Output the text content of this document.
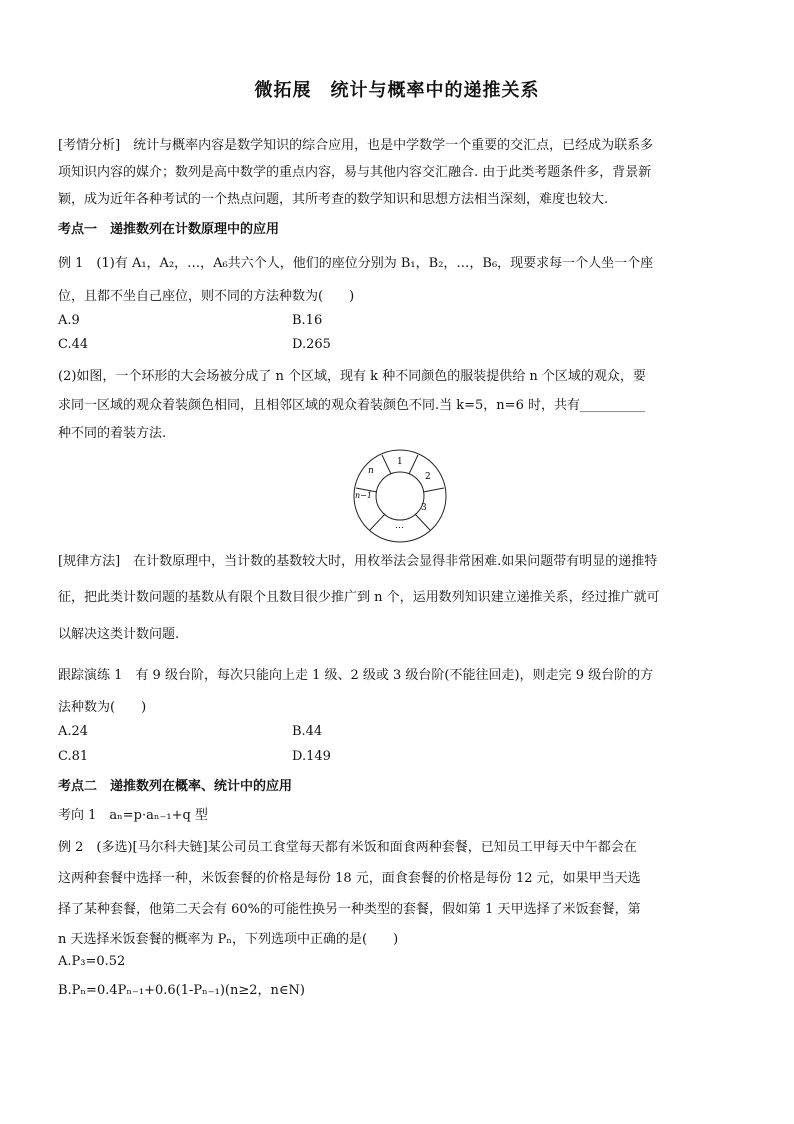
微拓展　统计与概率中的递推关系
[考情分析]　统计与概率内容是数学知识的综合应用，也是中学数学一个重要的交汇点，已经成为联系多
项知识内容的媒介；数列是高中数学的重点内容，易与其他内容交汇融合. 由于此类考题条件多，背景新
颖，成为近年各种考试的一个热点问题，其所考查的数学知识和思想方法相当深刻，难度也较大.
考点一　递推数列在计数原理中的应用
例 1　(1)有 A₁，A₂，…，A₆共六个人，他们的座位分别为 B₁，B₂，…，B₆，现要求每一个人坐一个座
位，且都不坐自己座位，则不同的方法种数为(　　)
A.9	B.16
C.44	D.265
(2)如图，一个环形的大会场被分成了 n 个区域，现有 k 种不同颜色的服装提供给 n 个区域的观众，要
求同一区域的观众着装颜色相同，且相邻区域的观众着装颜色不同.当 k=5，n=6 时，共有__________
种不同的着装方法.
1
2
3
…
n−1
n
[规律方法]　在计数原理中，当计数的基数较大时，用枚举法会显得非常困难.如果问题带有明显的递推特
征，把此类计数问题的基数从有限个且数目很少推广到 n 个，运用数列知识建立递推关系，经过推广就可
以解决这类计数问题.
跟踪演练 1　有 9 级台阶，每次只能向上走 1 级、2 级或 3 级台阶(不能往回走)，则走完 9 级台阶的方
法种数为(　　)
A.24	B.44
C.81	D.149
考点二　递推数列在概率、统计中的应用
考向 1　aₙ=p·aₙ₋₁+q 型
例 2　(多选)[马尔科夫链]某公司员工食堂每天都有米饭和面食两种套餐，已知员工甲每天中午都会在
这两种套餐中选择一种，米饭套餐的价格是每份 18 元，面食套餐的价格是每份 12 元，如果甲当天选
择了某种套餐，他第二天会有 60%的可能性换另一种类型的套餐，假如第 1 天甲选择了米饭套餐，第
n 天选择米饭套餐的概率为 Pₙ，下列选项中正确的是(　　)
A.P₃=0.52
B.Pₙ=0.4Pₙ₋₁+0.6(1-Pₙ₋₁)(n≥2，n∈N)
